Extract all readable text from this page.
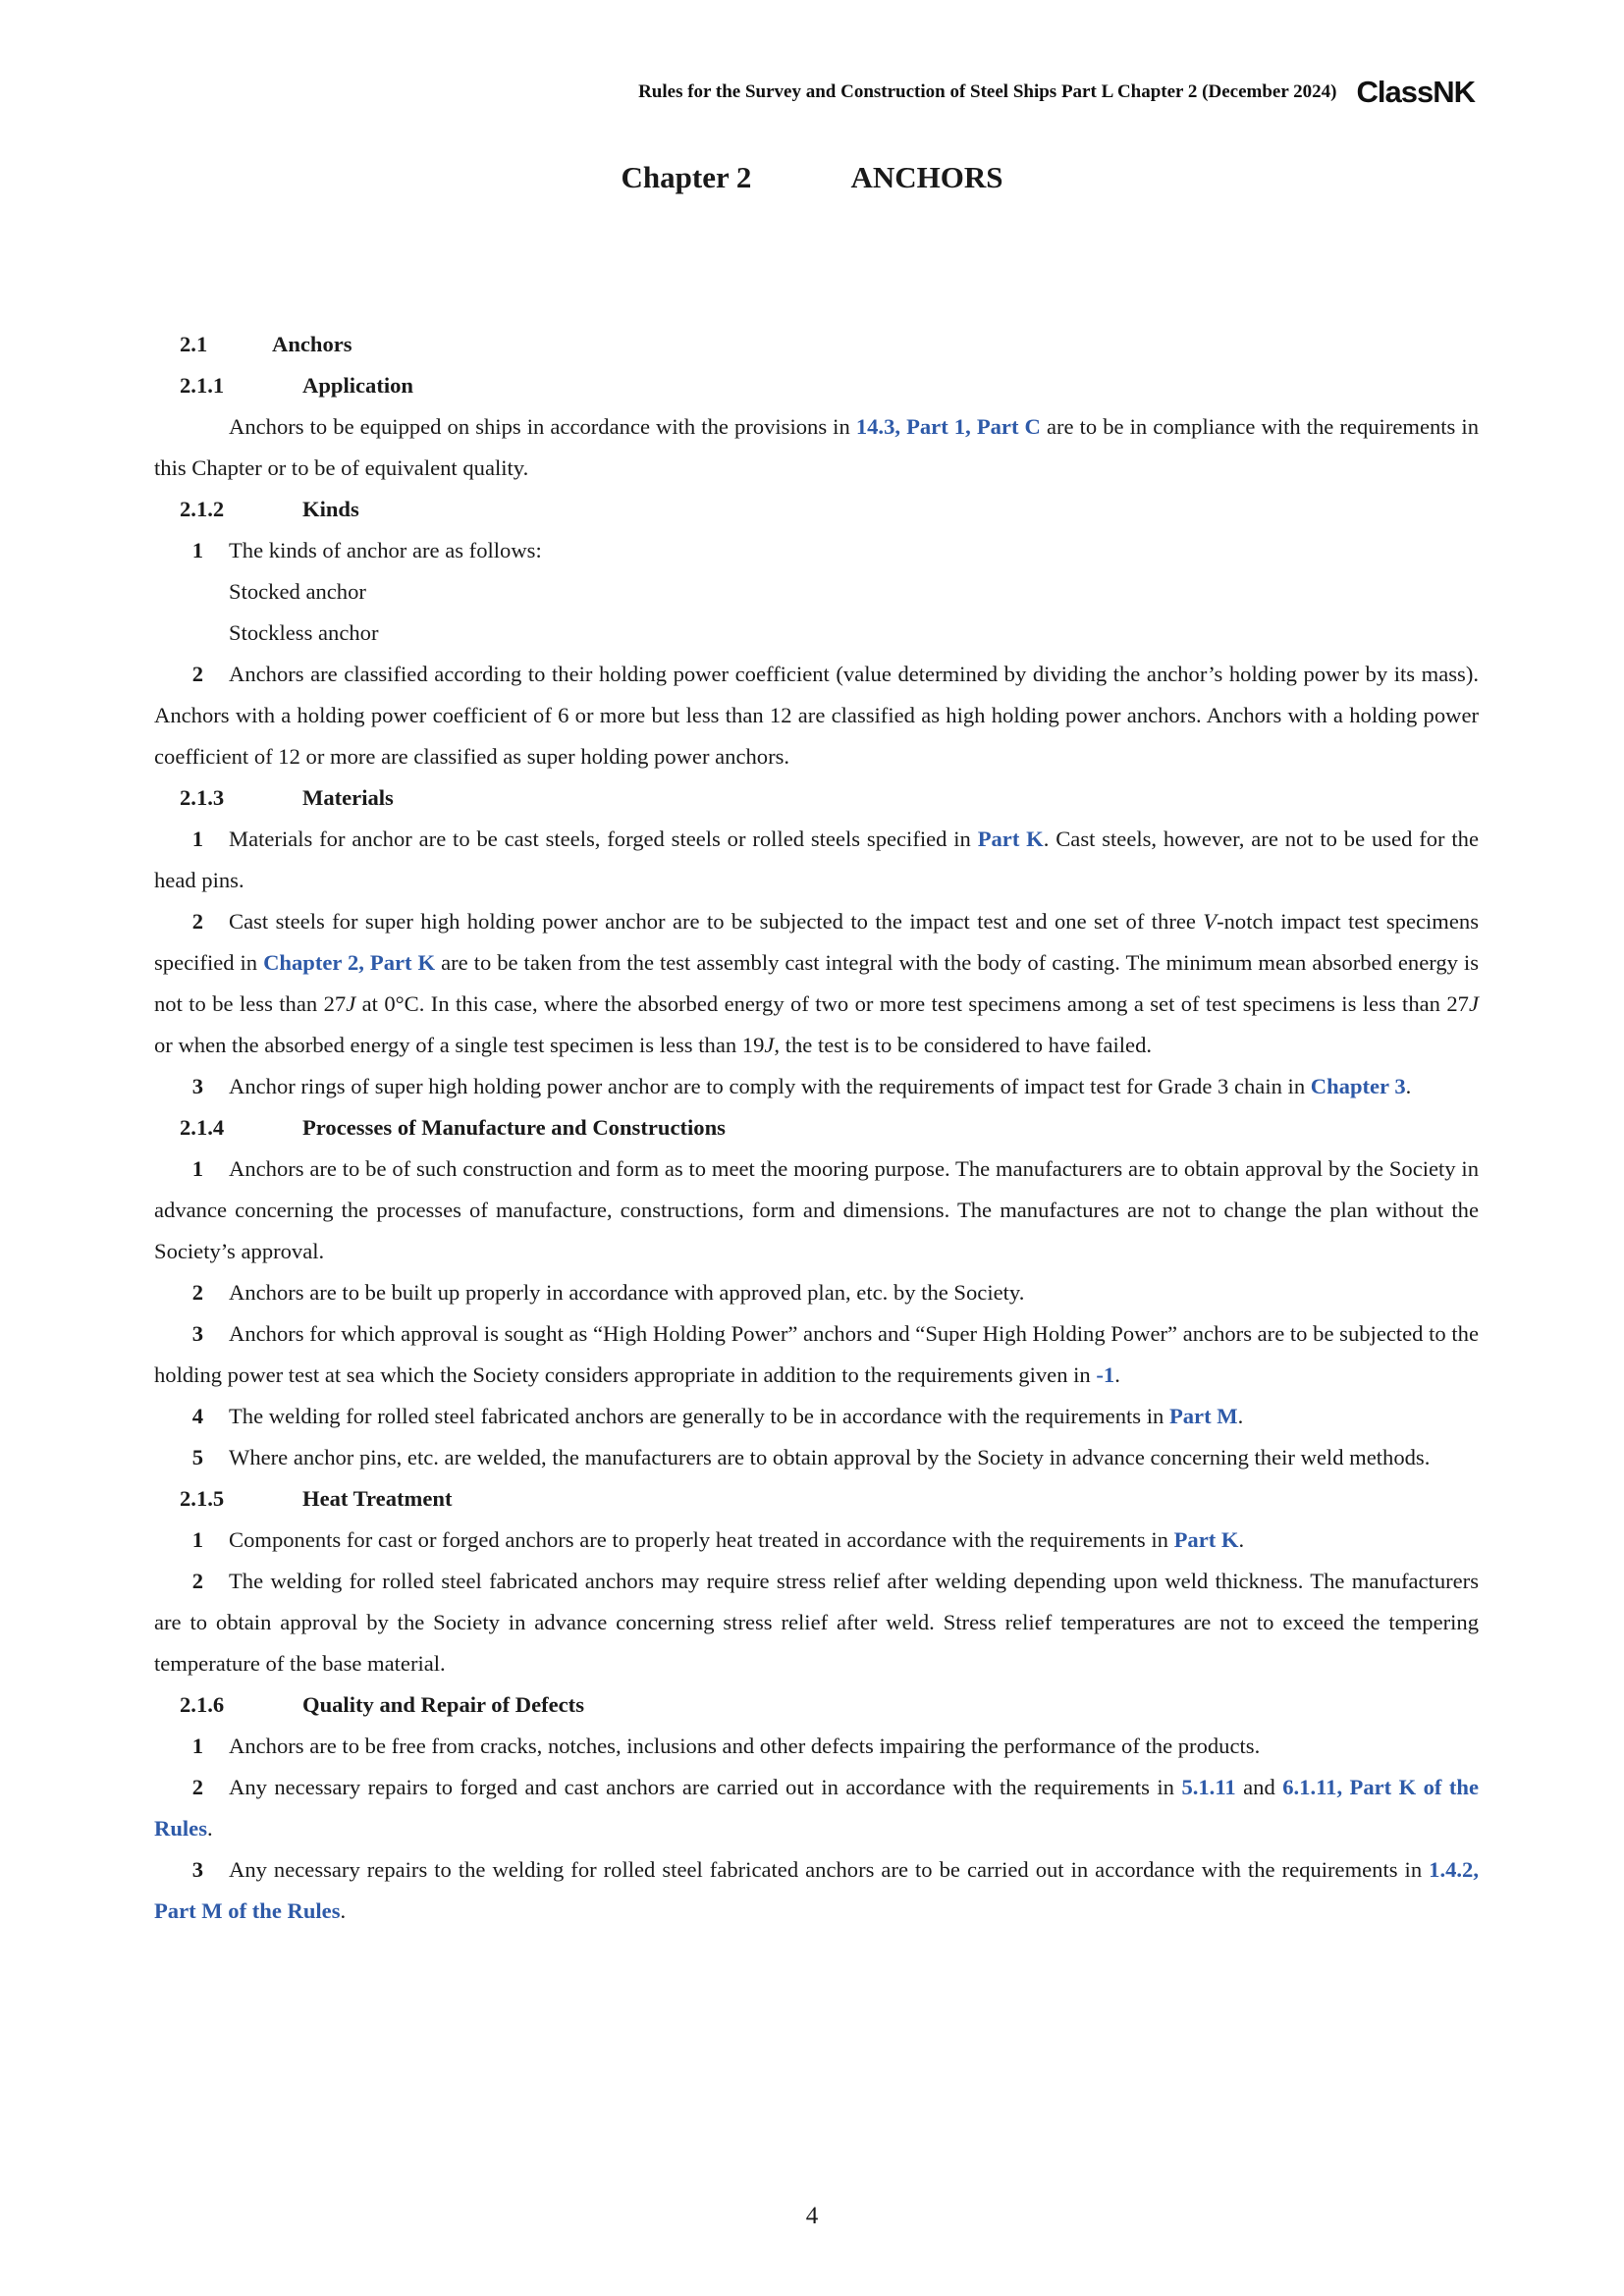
Rules for the Survey and Construction of Steel Ships Part L Chapter 2 (December 2024) ClassNK
Chapter 2	ANCHORS

2.1	Anchors

2.1.1	Application

Anchors to be equipped on ships in accordance with the provisions in 14.3, Part 1, Part C are to be in compliance with the requirements in this Chapter or to be of equivalent quality.

2.1.2	Kinds

1 The kinds of anchor are as follows:

Stocked anchor

Stockless anchor

2 Anchors are classified according to their holding power coefficient (value determined by dividing the anchor’s holding power by its mass). Anchors with a holding power coefficient of 6 or more but less than 12 are classified as high holding power anchors. Anchors with a holding power coefficient of 12 or more are classified as super holding power anchors.

2.1.3	Materials

1 Materials for anchor are to be cast steels, forged steels or rolled steels specified in Part K. Cast steels, however, are not to be used for the head pins.

2 Cast steels for super high holding power anchor are to be subjected to the impact test and one set of three V-notch impact test specimens specified in Chapter 2, Part K are to be taken from the test assembly cast integral with the body of casting. The minimum mean absorbed energy is not to be less than 27J at 0°C. In this case, where the absorbed energy of two or more test specimens among a set of test specimens is less than 27J or when the absorbed energy of a single test specimen is less than 19J, the test is to be considered to have failed.

3 Anchor rings of super high holding power anchor are to comply with the requirements of impact test for Grade 3 chain in Chapter 3.

2.1.4	Processes of Manufacture and Constructions

1 Anchors are to be of such construction and form as to meet the mooring purpose. The manufacturers are to obtain approval by the Society in advance concerning the processes of manufacture, constructions, form and dimensions. The manufactures are not to change the plan without the Society’s approval.

2 Anchors are to be built up properly in accordance with approved plan, etc. by the Society.

3 Anchors for which approval is sought as “High Holding Power” anchors and “Super High Holding Power” anchors are to be subjected to the holding power test at sea which the Society considers appropriate in addition to the requirements given in -1.

4 The welding for rolled steel fabricated anchors are generally to be in accordance with the requirements in Part M.

5 Where anchor pins, etc. are welded, the manufacturers are to obtain approval by the Society in advance concerning their weld methods.

2.1.5	Heat Treatment

1 Components for cast or forged anchors are to properly heat treated in accordance with the requirements in Part K.

2 The welding for rolled steel fabricated anchors may require stress relief after welding depending upon weld thickness. The manufacturers are to obtain approval by the Society in advance concerning stress relief after weld. Stress relief temperatures are not to exceed the tempering temperature of the base material.

2.1.6	Quality and Repair of Defects

1 Anchors are to be free from cracks, notches, inclusions and other defects impairing the performance of the products.

2 Any necessary repairs to forged and cast anchors are carried out in accordance with the requirements in 5.1.11 and 6.1.11, Part K of the Rules.

3 Any necessary repairs to the welding for rolled steel fabricated anchors are to be carried out in accordance with the requirements in 1.4.2, Part M of the Rules.

4
